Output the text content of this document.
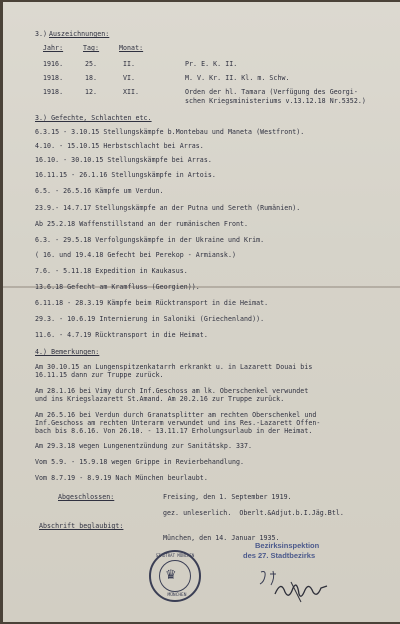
3.) Auszeichnungen:
Jahr:	Tag:	Monat:
1916.	25.	II.	Pr. E. K. II.
1918.	18.	VI.	M. V. Kr. II. Kl. m. Schw.
1918.	12.	XII.	Orden der hl. Tamara (Verfügung des Georgi-
schen Kriegsministeriums v.13.12.18 Nr.5352.)
3.) Gefechte, Schlachten etc.
6.3.15 - 3.10.15 Stellungskämpfe b.Montebau und Maneta (Westfront).
4.10. - 15.10.15 Herbstschlacht bei Arras.
16.10. - 30.10.15 Stellungskämpfe bei Arras.
16.11.15 - 26.1.16 Stellungskämpfe in Artois.
6.5. - 26.5.16 Kämpfe um Verdun.
23.9.- 14.7.17 Stellungskämpfe an der Putna und Sereth (Rumänien).
Ab 25.2.18 Waffenstillstand an der rumänischen Front.
6.3. - 29.5.18 Verfolgungskämpfe in der Ukraine und Krim.
( 16. und 19.4.18 Gefecht bei Perekop - Armiansk.)
7.6. - 5.11.18 Expedition in Kaukasus.
13.6.18 Gefecht am Kramfluss (Georgien)).
6.11.18 - 28.3.19 Kämpfe beim Rücktransport in die Heimat.
29.3. - 10.6.19 Internierung in Saloniki (Griechenland)).
11.6. - 4.7.19 Rücktransport in die Heimat.
4.) Bemerkungen:
Am 30.10.15 an Lungenspitzenkatarrh erkrankt u. in Lazarett Douai bis
16.11.15 dann zur Truppe zurück.
Am 28.1.16 bei Vimy durch Inf.Geschoss am lk. Oberschenkel verwundet
und ins Kriegslazarett St.Amand. Am 20.2.16 zur Truppe zurück.
Am 26.5.16 bei Verdun durch Granatsplitter am rechten Oberschenkel und
Inf.Geschoss am rechten Unterarm verwundet und ins Res.-Lazarett Offen-
bach bis 8.6.16. Von 26.10. - 13.11.17 Erholungsurlaub in der Heimat.
Am 29.3.18 wegen Lungenentzündung zur Sanitätskp. 337.
Vom 5.9. - 15.9.18 wegen Grippe in Revierbehandlung.
Vom 8.7.19 - 8.9.19 Nach München beurlaubt.
Abgeschlossen:	Freising, den 1. September 1919.
gez. unleserlich.  Oberlt.&Adjut.b.I.Jäg.Btl.
Abschrift beglaubigt:
München, den 14. Januar 1935.
Bezirksinspektion
des 27. Stadtbezirks
STADTRAT MÜNCHEN
♛
MÜNCHEN
